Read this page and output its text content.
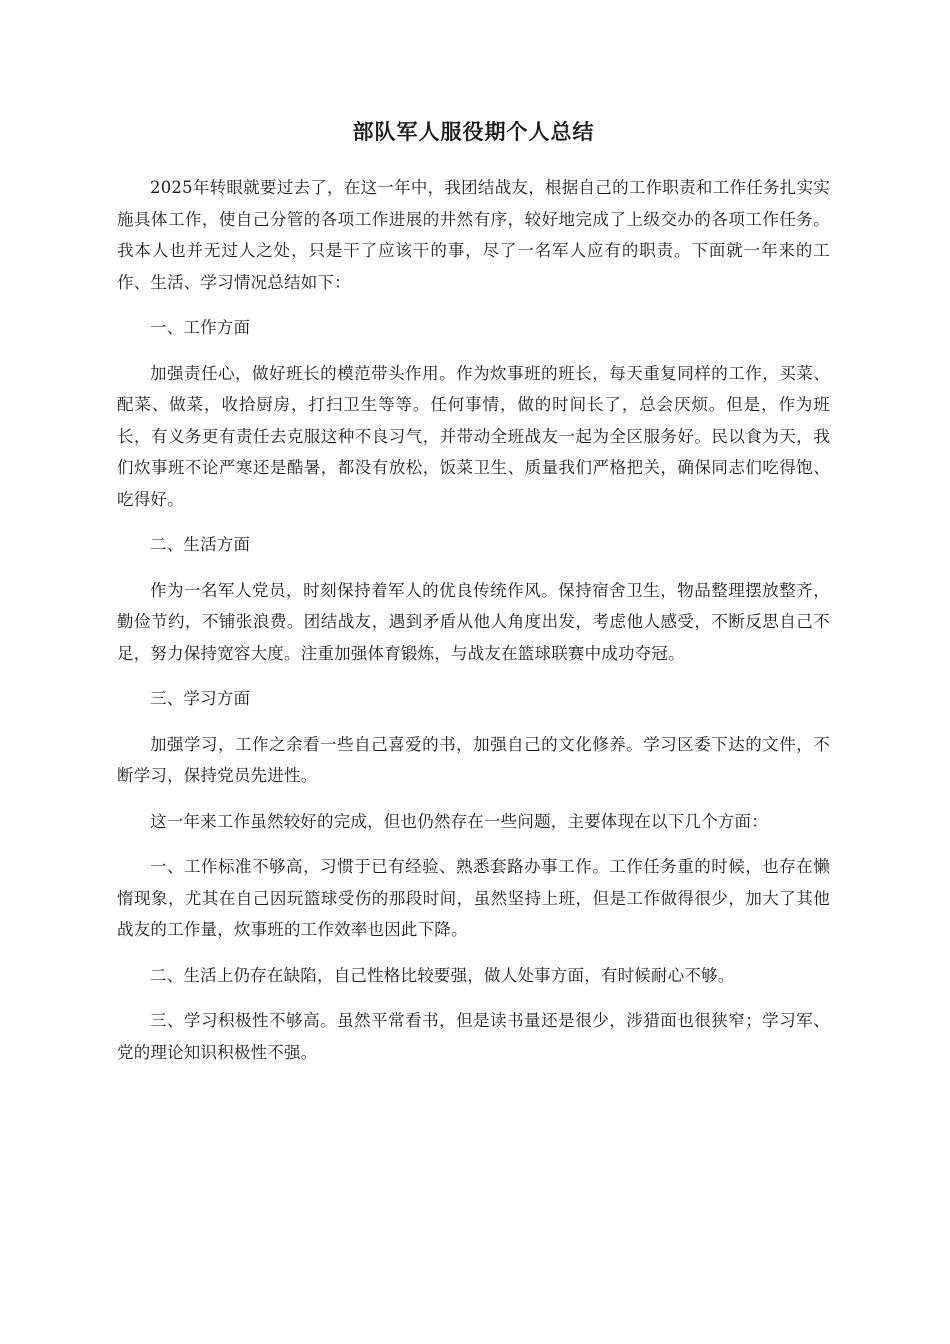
部队军人服役期个人总结

2025年转眼就要过去了，在这一年中，我团结战友，根据自己的工作职责和工作任务扎实实施具体工作，使自己分管的各项工作进展的井然有序，较好地完成了上级交办的各项工作任务。我本人也并无过人之处，只是干了应该干的事，尽了一名军人应有的职责。下面就一年来的工作、生活、学习情况总结如下：

一、工作方面

加强责任心，做好班长的模范带头作用。作为炊事班的班长，每天重复同样的工作，买菜、配菜、做菜，收拾厨房，打扫卫生等等。任何事情，做的时间长了，总会厌烦。但是，作为班长，有义务更有责任去克服这种不良习气，并带动全班战友一起为全区服务好。民以食为天，我们炊事班不论严寒还是酷暑，都没有放松，饭菜卫生、质量我们严格把关，确保同志们吃得饱、吃得好。

二、生活方面

作为一名军人党员，时刻保持着军人的优良传统作风。保持宿舍卫生，物品整理摆放整齐，勤俭节约，不铺张浪费。团结战友，遇到矛盾从他人角度出发，考虑他人感受，不断反思自己不足，努力保持宽容大度。注重加强体育锻炼，与战友在篮球联赛中成功夺冠。

三、学习方面

加强学习，工作之余看一些自己喜爱的书，加强自己的文化修养。学习区委下达的文件，不断学习，保持党员先进性。

这一年来工作虽然较好的完成，但也仍然存在一些问题，主要体现在以下几个方面：

一、工作标准不够高，习惯于已有经验、熟悉套路办事工作。工作任务重的时候，也存在懒惰现象，尤其在自己因玩篮球受伤的那段时间，虽然坚持上班，但是工作做得很少，加大了其他战友的工作量，炊事班的工作效率也因此下降。

二、生活上仍存在缺陷，自己性格比较要强，做人处事方面，有时候耐心不够。

三、学习积极性不够高。虽然平常看书，但是读书量还是很少，涉猎面也很狭窄；学习军、党的理论知识积极性不强。
